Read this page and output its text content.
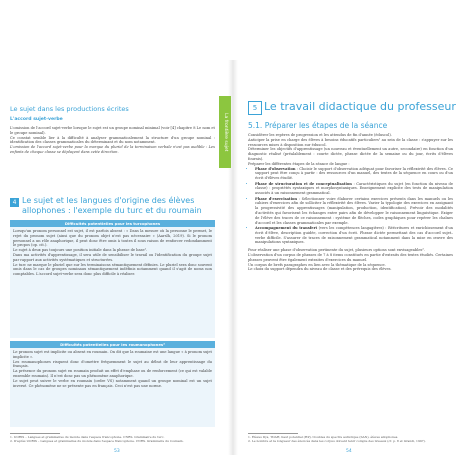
Le sujet dans les productions écrites
L'accord sujet-verbe

L'omission de l'accord sujet-verbe lorsque le sujet est un groupe nominal minimal (voir [4] chapitre 8 Le nom et le groupe nominal).

Ce constat semble lier à la difficulté à analyser grammaticalement la structure d'un groupe nominal : identification des classes grammaticales du déterminant et du nom notamment.

L'omission de l'accord sujet-verbe pour la marque du pluriel de la terminaison verbale n'est pas audible : Les enfants de chaque classe se déplaçent dans cette direction.

4 Le sujet et les langues d'origine des élèves allophones : l'exemple du turc et du roumain
Difficultés potentielles pour les turcophones

Lorsqu'un pronom personnel est sujet, il est parfois absent : « Dans la mesure où la personne le permet, le rejet du pronom sujet (ainsi que du pronom objet n'est pas nécessaire » (Aarslh, 2019). Si le pronom personnel a un rôle anaphorique, il peut donc être omis à toutes il sous raison de renforcer redondamment le propos (op. cit.).

Le sujet à deux pas toujours une position initiale dans la phrase de base¹.

Dans ma activités d'apprentissage, il sera utile de sensibiliser le travail ou l'identification du groupe sujet par rapport aux activités systématiques et structurées.

Le turc ne marque le pluriel que sur les terminaisons sémantiquement définies. Le pluriel sera donc souvent omis dans le cas de groupes nominaux sémantiquement indéfinis notamment quand il s'agit de noms non comptables. L'accord sujet-verbe sera donc plus difficile à réaliser.

Difficultés potentielles pour les roumanophones²

Le pronom sujet est implicite ou absent en roumain. On dit que la roumaine est une langue « à pronom sujet implicite ».

Les roumanophones risquent donc d'omettre fréquemment le sujet au début de leur apprentissage du français.

La présence du pronom sujet en roumain produit un effet d'emphase ou de renforcement (ce qui est valable ensemble roumain). Il n'est donc pas un phénomène anaphorique.

Le sujet peut suivre le verbe en roumain (ordre VS) notamment quand un groupe nominal est un sujet inversé. Ce phénomène ne se présente pas en français. Ceci n'est pas une norme.

1. UORIS – Langues et grammaires du monde dans l'espace francophone. CNRS. Grammaire du turc.
2. D'après UORIS – Langues et grammaires du monde dans l'espace francophone. CNRS. Grammaire du roumain.
53
La frontière sujet
5 Le travail didactique du professeur
5.1. Préparer les étapes de la séance

Considérer les repères de progression et les attendus de fin d'année (éduscol).

Anticiper la prise en charge des élèves à besoins éducatifs particuliers¹ au sein de la classe : s'appuyer sur les ressources mises à disposition sur éduscol.

Déterminer les objectifs d'apprentissage (un nouveau et éventuellement un autre, secondaire) en fonction d'un diagnostic réalisé (préalablement : courte dictée, phrase dictée de la semaine ou du jour, écrits d'élèves fournis).

Préparer les différentes étapes de la séance de langue :

• Phase d'observation : Choisir le support d'observation adéquat pour favoriser la réflexivité des élèves. Ce support peut être conçu à partir : des ressources d'un manuel, des textes de la séquence en cours ou d'un écrit d'élèves étudié.
• Phase de structuration et de conceptualisation : Caractéristiques du sujet (en fonction du niveau de classe) : propriétés syntaxiques et morphosyntaxiques. Enseignement explicite des tests de manipulation associés à un raisonnement grammatical.
• Phase d'exercisation : Sélectionner voire élaborer certains exercices présents dans les manuels ou les cahiers d'exercices afin de solliciter la réflexivité des élèves. Varier la typologie des exercices en assignant la progressivité des apprentissages (manipulation, production, identification). Prévoir des modalités d'activités qui favorisent les échanges entre pairs afin de développer le raisonnement linguistique. Exiger de l'élève des traces de ce raisonnement : système de flèches, codes graphiques pour repérer les chaînes d'accord et les classes grammaticales par exemple.
• Accompagnement du transfert (vers les compétences langagières) : Réécritures et enrichissement d'un écrit d'élève, description guidée, correction d'un écrit. Phrase dictée permettant des cas d'accord sujet–verbe difficile. S'assurer de traces de raisonnement grammatical notamment dans la mise en œuvre des manipulations syntaxiques.

Pour réaliser une phase d'observation pertinente du sujet, plusieurs options sont envisageables².

L'observation d'un corpus de phrases de 7 à 8 items constitués en partie d'extraits des textes étudiés. Certaines phrases peuvent être également extraites d'exercices du manuel.

Un corpus de brefs paragraphes en lien avec la thématique de la séquence.

Le choix du support dépendra du niveau de classe et des prérequis des élèves.

1. Élèves Dys, TDAH, haut potentiel (HP), troubles du spectre autistique (SAN), élèves allophones.
2. Le nombre et la longueur des énoncés dans les corpus doivent tenir compte des niveaux (cf. p. 8 et Grandi, 1997).
54
